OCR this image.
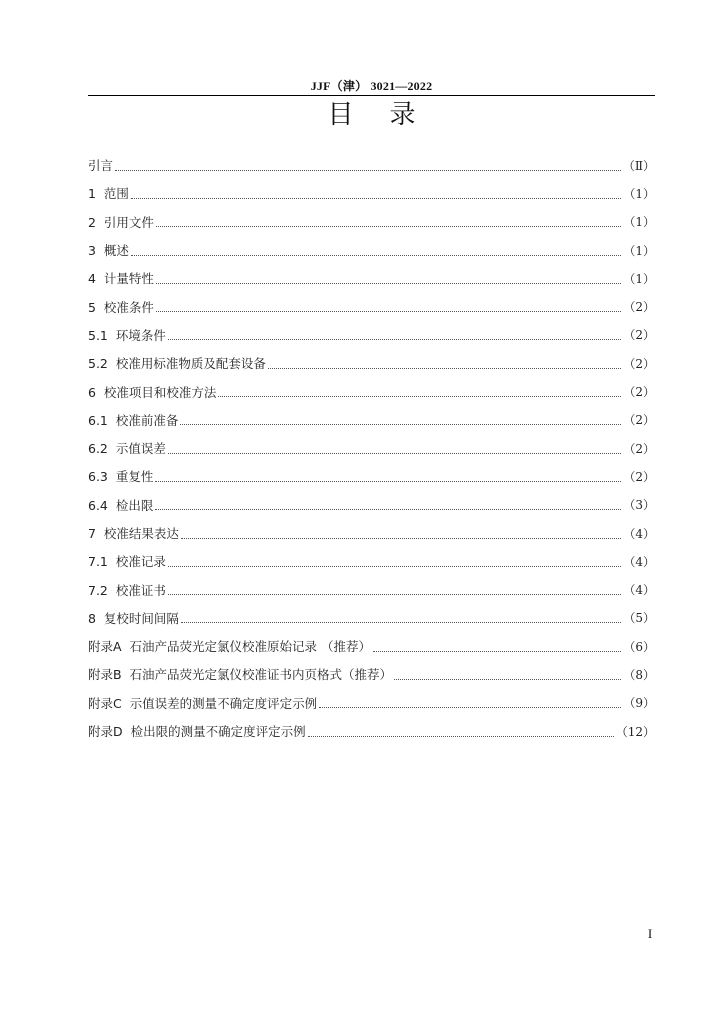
JJF（津） 3021—2022
目录
引言	（Ⅱ）
1  范围	（1）
2  引用文件	（1）
3  概述	（1）
4  计量特性	（1）
5  校准条件	（2）
5.1  环境条件	（2）
5.2  校准用标准物质及配套设备	（2）
6  校准项目和校准方法	（2）
6.1  校准前准备	（2）
6.2  示值误差	（2）
6.3  重复性	（2）
6.4  检出限	（3）
7  校准结果表达	（4）
7.1  校准记录	（4）
7.2  校准证书	（4）
8  复校时间间隔	（5）
附录A  石油产品荧光定氯仪校准原始记录 （推荐）	（6）
附录B  石油产品荧光定氯仪校准证书内页格式（推荐）	（8）
附录C  示值误差的测量不确定度评定示例	（9）
附录D  检出限的测量不确定度评定示例	（12）
I
